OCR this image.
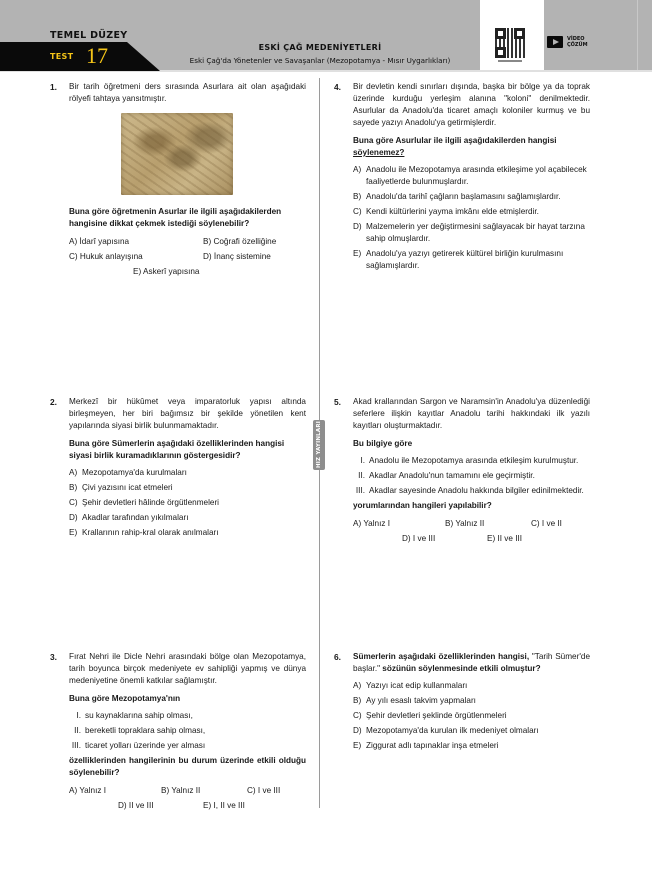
TEMEL DÜZEY
TEST 17	ESKİ ÇAĞ MEDENİYETLERİ
Eski Çağ'da Yönetenler ve Savaşanlar (Mezopotamya - Mısır Uygarlıkları)
VİDEO
ÇÖZÜM
HIZ YAYINLARI
1. Bir tarih öğretmeni ders sırasında Asurlara ait olan aşağıdaki rölyefi tahtaya yansıtmıştır.
Buna göre öğretmenin Asurlar ile ilgili aşağıdakilerden hangisine dikkat çekmek istediği söylenebilir?
A) İdarî yapısına	B) Coğrafi özelliğine
C) Hukuk anlayışına	D) İnanç sistemine
E) Askerî yapısına
2. Merkezî bir hükûmet veya imparatorluk yapısı altında birleşmeyen, her biri bağımsız bir şekilde yönetilen kent yapılarında siyasi birlik bulunmamaktadır.
Buna göre Sümerlerin aşağıdaki özelliklerinden hangisi siyasi birlik kuramadıklarının göstergesidir?
A) Mezopotamya'da kurulmaları
B) Çivi yazısını icat etmeleri
C) Şehir devletleri hâlinde örgütlenmeleri
D) Akadlar tarafından yıkılmaları
E) Krallarının rahip-kral olarak anılmaları
3. Fırat Nehri ile Dicle Nehri arasındaki bölge olan Mezopotamya, tarih boyunca birçok medeniyete ev sahipliği yapmış ve dünya medeniyetine önemli katkılar sağlamıştır.
Buna göre Mezopotamya'nın
I. su kaynaklarına sahip olması,
II. bereketli topraklara sahip olması,
III. ticaret yolları üzerinde yer alması
özelliklerinden hangilerinin bu durum üzerinde etkili olduğu söylenebilir?
A) Yalnız I	B) Yalnız II	C) I ve III
D) II ve III	E) I, II ve III
4. Bir devletin kendi sınırları dışında, başka bir bölge ya da toprak üzerinde kurduğu yerleşim alanına "koloni" denilmektedir. Asurlular da Anadolu'da ticaret amaçlı koloniler kurmuş ve bu sayede yazıyı Anadolu'ya getirmişlerdir.
Buna göre Asurlular ile ilgili aşağıdakilerden hangisi söylenemez?
A) Anadolu ile Mezopotamya arasında etkileşime yol açabilecek faaliyetlerde bulunmuşlardır.
B) Anadolu'da tarihî çağların başlamasını sağlamışlardır.
C) Kendi kültürlerini yayma imkânı elde etmişlerdir.
D) Malzemelerin yer değiştirmesini sağlayacak bir hayat tarzına sahip olmuşlardır.
E) Anadolu'ya yazıyı getirerek kültürel birliğin kurulmasını sağlamışlardır.
5. Akad krallarından Sargon ve Naramsin'in Anadolu'ya düzenlediği seferlere ilişkin kayıtlar Anadolu tarihi hakkındaki ilk yazılı kayıtları oluşturmaktadır.
Bu bilgiye göre
I. Anadolu ile Mezopotamya arasında etkileşim kurulmuştur.
II. Akadlar Anadolu'nun tamamını ele geçirmiştir.
III. Akadlar sayesinde Anadolu hakkında bilgiler edinilmektedir.
yorumlarından hangileri yapılabilir?
A) Yalnız I	B) Yalnız II	C) I ve II
D) I ve III	E) II ve III
6. Sümerlerin aşağıdaki özelliklerinden hangisi, "Tarih Sümer'de başlar." sözünün söylenmesinde etkili olmuştur?
A) Yazıyı icat edip kullanmaları
B) Ay yılı esaslı takvim yapmaları
C) Şehir devletleri şeklinde örgütlenmeleri
D) Mezopotamya'da kurulan ilk medeniyet olmaları
E) Ziggurat adlı tapınaklar inşa etmeleri
